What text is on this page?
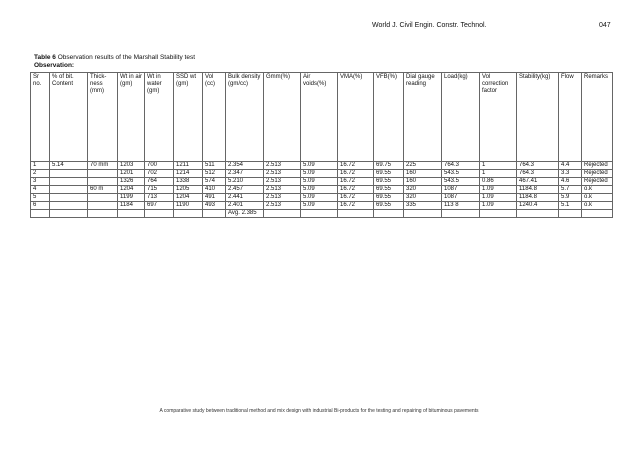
World J. Civil Engin. Constr. Technol.	047
Table 6 Observation results of the Marshall Stability test
Observation:
Sr no.	% of bit. Content	Thick-ness (mm)	Wt in air (gm)	Wt in water (gm)	SSD wt (gm)	Vol (cc)	Bulk density (gm/cc)	Gmm(%)	Air voids(%)	VMA(%)	VFB(%)	Dial gauge reading	Load(kg)	Vol correction factor	Stability(kg)	Flow	Remarks
1	5.14	70 mm	1203	700	1211	511	2.354	2.513	5.09	16.72	69.75	225	764.3	1	764.3	4.4	Rejected
2			1201	702	1214	512	2.347	2.513	5.09	16.72	69.55	160	543.5	1	764.3	3.3	Rejected
3			1326	764	1338	574	5.210	2.513	5.09	16.72	69.55	160	543.5	0.86	467.41	4.6	Rejected
4		60 m	1204	715	1205	410	2.457	2.513	5.09	16.72	69.55	320	1087	1.09	1184.8	5.7	o.k
5			1199	713	1204	491	2.441	2.513	5.09	16.72	69.55	320	1087	1.09	1184.8	5.9	o.k
6			1184	697	1190	493	2.401	2.513	5.09	16.72	69.55	335	113 8	1.09	1240.4	5.1	o.k
							Avg. 2.385										
A comparative study between traditional method and mix design with industrial Bi-products for the testing and repairing of bituminous pavements
